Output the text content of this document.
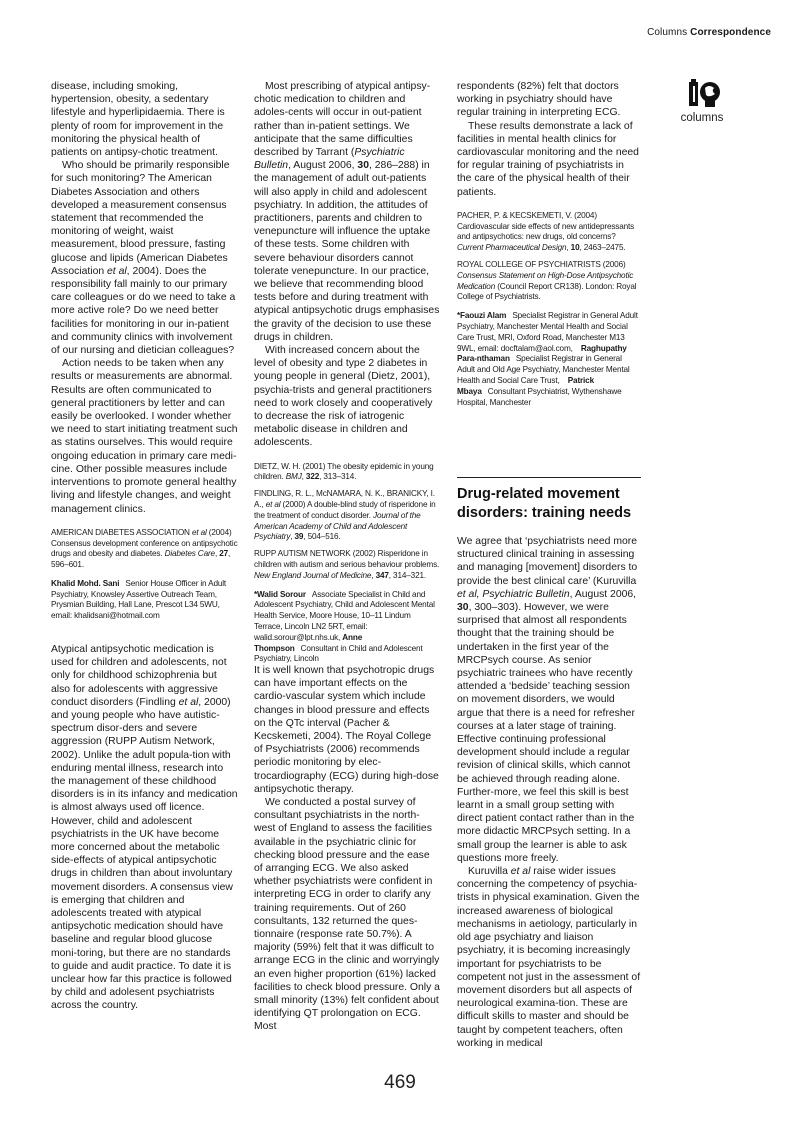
Columns Correspondence

disease, including smoking, hypertension, obesity, a sedentary lifestyle and hyperlipidaemia. There is plenty of room for improvement in the monitoring the physical health of patients on antipsy-chotic treatment.

Who should be primarily responsible for such monitoring? The American Diabetes Association and others developed a measurement consensus statement that recommended the monitoring of weight, waist measurement, blood pressure, fasting glucose and lipids (American Diabetes Association et al, 2004). Does the responsibility fall mainly to our primary care colleagues or do we need to take a more active role? Do we need better facilities for monitoring in our in-patient and community clinics with involvement of our nursing and dietician colleagues?

Action needs to be taken when any results or measurements are abnormal. Results are often communicated to general practitioners by letter and can easily be overlooked. I wonder whether we need to start initiating treatment such as statins ourselves. This would require ongoing education in primary care medi-cine. Other possible measures include interventions to promote general healthy living and lifestyle changes, and weight management clinics.

AMERICAN DIABETES ASSOCIATION et al (2004) Consensus development conference on antipsychotic drugs and obesity and diabetes. Diabetes Care, 27, 596–601.
Khalid Mohd. Sani Senior House Officer in Adult Psychiatry, Knowsley Assertive Outreach Team, Prysmian Building, Hall Lane, Prescot L34 5WU, email: khalidsani@hotmail.com

Atypical antipsychotic medication is used for children and adolescents, not only for childhood schizophrenia but also for adolescents with aggressive conduct disorders (Findling et al, 2000) and young people who have autistic-spectrum disor-ders and severe aggression (RUPP Autism Network, 2002). Unlike the adult popula-tion with enduring mental illness, research into the management of these childhood disorders is in its infancy and medication is almost always used off licence. However, child and adolescent psychiatrists in the UK have become more concerned about the metabolic side-effects of atypical antipsychotic drugs in children than about involuntary movement disorders. A consensus view is emerging that children and adolescents treated with atypical antipsychotic medication should have baseline and regular blood glucose moni-toring, but there are no standards to guide and audit practice. To date it is unclear how far this practice is followed by child and adolesent psychiatrists across the country.

Most prescribing of atypical antipsy-chotic medication to children and adoles-cents will occur in out-patient rather than in-patient settings. We anticipate that the same difficulties described by Tarrant (Psychiatric Bulletin, August 2006, 30, 286–288) in the management of adult out-patients will also apply in child and adolescent psychiatry. In addition, the attitudes of practitioners, parents and children to venepuncture will influence the uptake of these tests. Some children with severe behaviour disorders cannot tolerate venepuncture. In our practice, we believe that recommending blood tests before and during treatment with atypical antipsychotic drugs emphasises the gravity of the decision to use these drugs in children.

With increased concern about the level of obesity and type 2 diabetes in young people in general (Dietz, 2001), psychia-trists and general practitioners need to work closely and cooperatively to decrease the risk of iatrogenic metabolic disease in children and adolescents.

DIETZ, W. H. (2001) The obesity epidemic in young children. BMJ, 322, 313–314.
FINDLING, R. L., McNAMARA, N. K., BRANICKY, I. A., et al (2000) A double-blind study of risperidone in the treatment of conduct disorder. Journal of the American Academy of Child and Adolescent Psychiatry, 39, 504–516.
RUPP AUTISM NETWORK (2002) Risperidone in children with autism and serious behaviour problems. New England Journal of Medicine, 347, 314–321.
*Walid Sorour Associate Specialist in Child and Adolescent Psychiatry, Child and Adolescent Mental Health Service, Moore House, 10–11 Lindum Terrace, Lincoln LN2 5RT, email: walid.sorour@lpt.nhs.uk, Anne Thompson Consultant in Child and Adolescent Psychiatry, Lincoln

It is well known that psychotropic drugs can have important effects on the cardio-vascular system which include changes in blood pressure and effects on the QTc interval (Pacher & Kecskemeti, 2004). The Royal College of Psychiatrists (2006) recommends periodic monitoring by elec-trocardiography (ECG) during high-dose antipsychotic therapy.

We conducted a postal survey of consultant psychiatrists in the north-west of England to assess the facilities available in the psychiatric clinic for checking blood pressure and the ease of arranging ECG. We also asked whether psychiatrists were confident in interpreting ECG in order to clarify any training requirements. Out of 260 consultants, 132 returned the ques-tionnaire (response rate 50.7%). A majority (59%) felt that it was difficult to arrange ECG in the clinic and worryingly an even higher proportion (61%) lacked facilities to check blood pressure. Only a small minority (13%) felt confident about identifying QT prolongation on ECG. Most

respondents (82%) felt that doctors working in psychiatry should have regular training in interpreting ECG.

These results demonstrate a lack of facilities in mental health clinics for cardiovascular monitoring and the need for regular training of psychiatrists in the care of the physical health of their patients.

PACHER, P. & KECSKEMETI, V. (2004) Cardiovascular side effects of new antidepressants and antipsychotics: new drugs, old concerns? Current Pharmaceutical Design, 10, 2463–2475.
ROYAL COLLEGE OF PSYCHIATRISTS (2006) Consensus Statement on High-Dose Antipsychotic Medication (Council Report CR138). London: Royal College of Psychiatrists.
*Faouzi Alam Specialist Registrar in General Adult Psychiatry, Manchester Mental Health and Social Care Trust, MRI, Oxford Road, Manchester M13 9WL, email: docftalam@aol.com, Raghupathy Para-nthaman Specialist Registrar in General Adult and Old Age Psychiatry, Manchester Mental Health and Social Care Trust, Patrick Mbaya Consultant Psychiatrist, Wythenshawe Hospital, Manchester
Drug-related movement disorders: training needs

We agree that ‘psychiatrists need more structured clinical training in assessing and managing [movement] disorders to provide the best clinical care’ (Kuruvilla et al, Psychiatric Bulletin, August 2006, 30, 300–303). However, we were surprised that almost all respondents thought that the training should be undertaken in the first year of the MRCPsych course. As senior psychiatric trainees who have recently attended a ‘bedside’ teaching session on movement disorders, we would argue that there is a need for refresher courses at a later stage of training. Effective continuing professional development should include a regular revision of clinical skills, which cannot be achieved through reading alone. Further-more, we feel this skill is best learnt in a small group setting with direct patient contact rather than in the more didactic MRCPsych setting. In a small group the learner is able to ask questions more freely.

Kuruvilla et al raise wider issues concerning the competency of psychia-trists in physical examination. Given the increased awareness of biological mechanisms in aetiology, particularly in old age psychiatry and liaison psychiatry, it is becoming increasingly important for psychiatrists to be competent not just in the assessment of movement disorders but all aspects of neurological examina-tion. These are difficult skills to master and should be taught by competent teachers, often working in medical

columns
469
